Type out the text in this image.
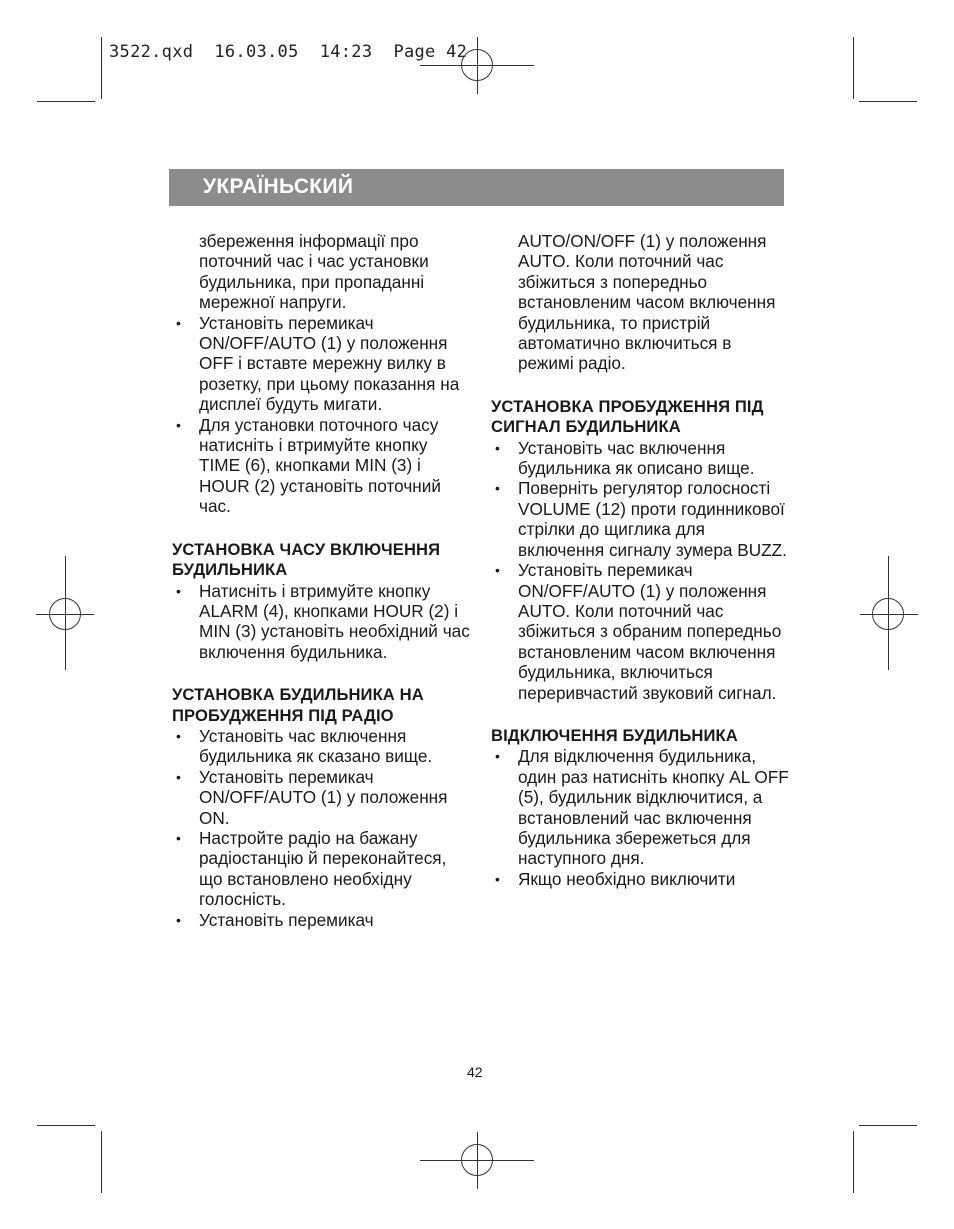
3522.qxd  16.03.05  14:23  Page 42
УКРАЇНЬСКИЙ

збереження інформації про поточний час і час установки будильника, при пропаданні мережної напруги.

• Установіть перемикач ON/OFF/AUTO (1) у положення OFF і вставте мережну вилку в розетку, при цьому показання на дисплеї будуть мигати.
• Для установки поточного часу натисніть і втримуйте кнопку TIME (6), кнопками MIN (3) і HOUR (2) установіть поточний час.

УСТАНОВКА ЧАСУ ВКЛЮЧЕННЯ БУДИЛЬНИКА

• Натисніть і втримуйте кнопку ALARM (4), кнопками HOUR (2) і MIN (3) установіть необхідний час включення будильника.

УСТАНОВКА БУДИЛЬНИКА НА ПРОБУДЖЕННЯ ПІД РАДІО

• Установіть час включення будильника як сказано вище.
• Установіть перемикач ON/OFF/AUTO (1) у положення ON.
• Настройте радіо на бажану радіостанцію й переконайтеся, що встановлено необхідну голосність.
• Установіть перемикач

AUTO/ON/OFF (1) у положення AUTO. Коли поточний час збіжиться з попередньо встановленим часом включення будильника, то пристрій автоматично включиться в режимі радіо.

УСТАНОВКА ПРОБУДЖЕННЯ ПІД СИГНАЛ БУДИЛЬНИКА

• Установіть час включення будильника як описано вище.
• Поверніть регулятор голосності VOLUME (12) проти годинникової стрілки до щиглика для включення сигналу зумера BUZZ.
• Установіть перемикач ON/OFF/AUTO (1) у положення AUTO. Коли поточний час збіжиться з обраним попередньо встановленим часом включення будильника, включиться переривчастий звуковий сигнал.

ВІДКЛЮЧЕННЯ БУДИЛЬНИКА

• Для відключення будильника, один раз натисніть кнопку AL OFF (5), будильник відключитися, а встановлений час включення будильника збережеться для наступного дня.
• Якщо необхідно виключити
42
